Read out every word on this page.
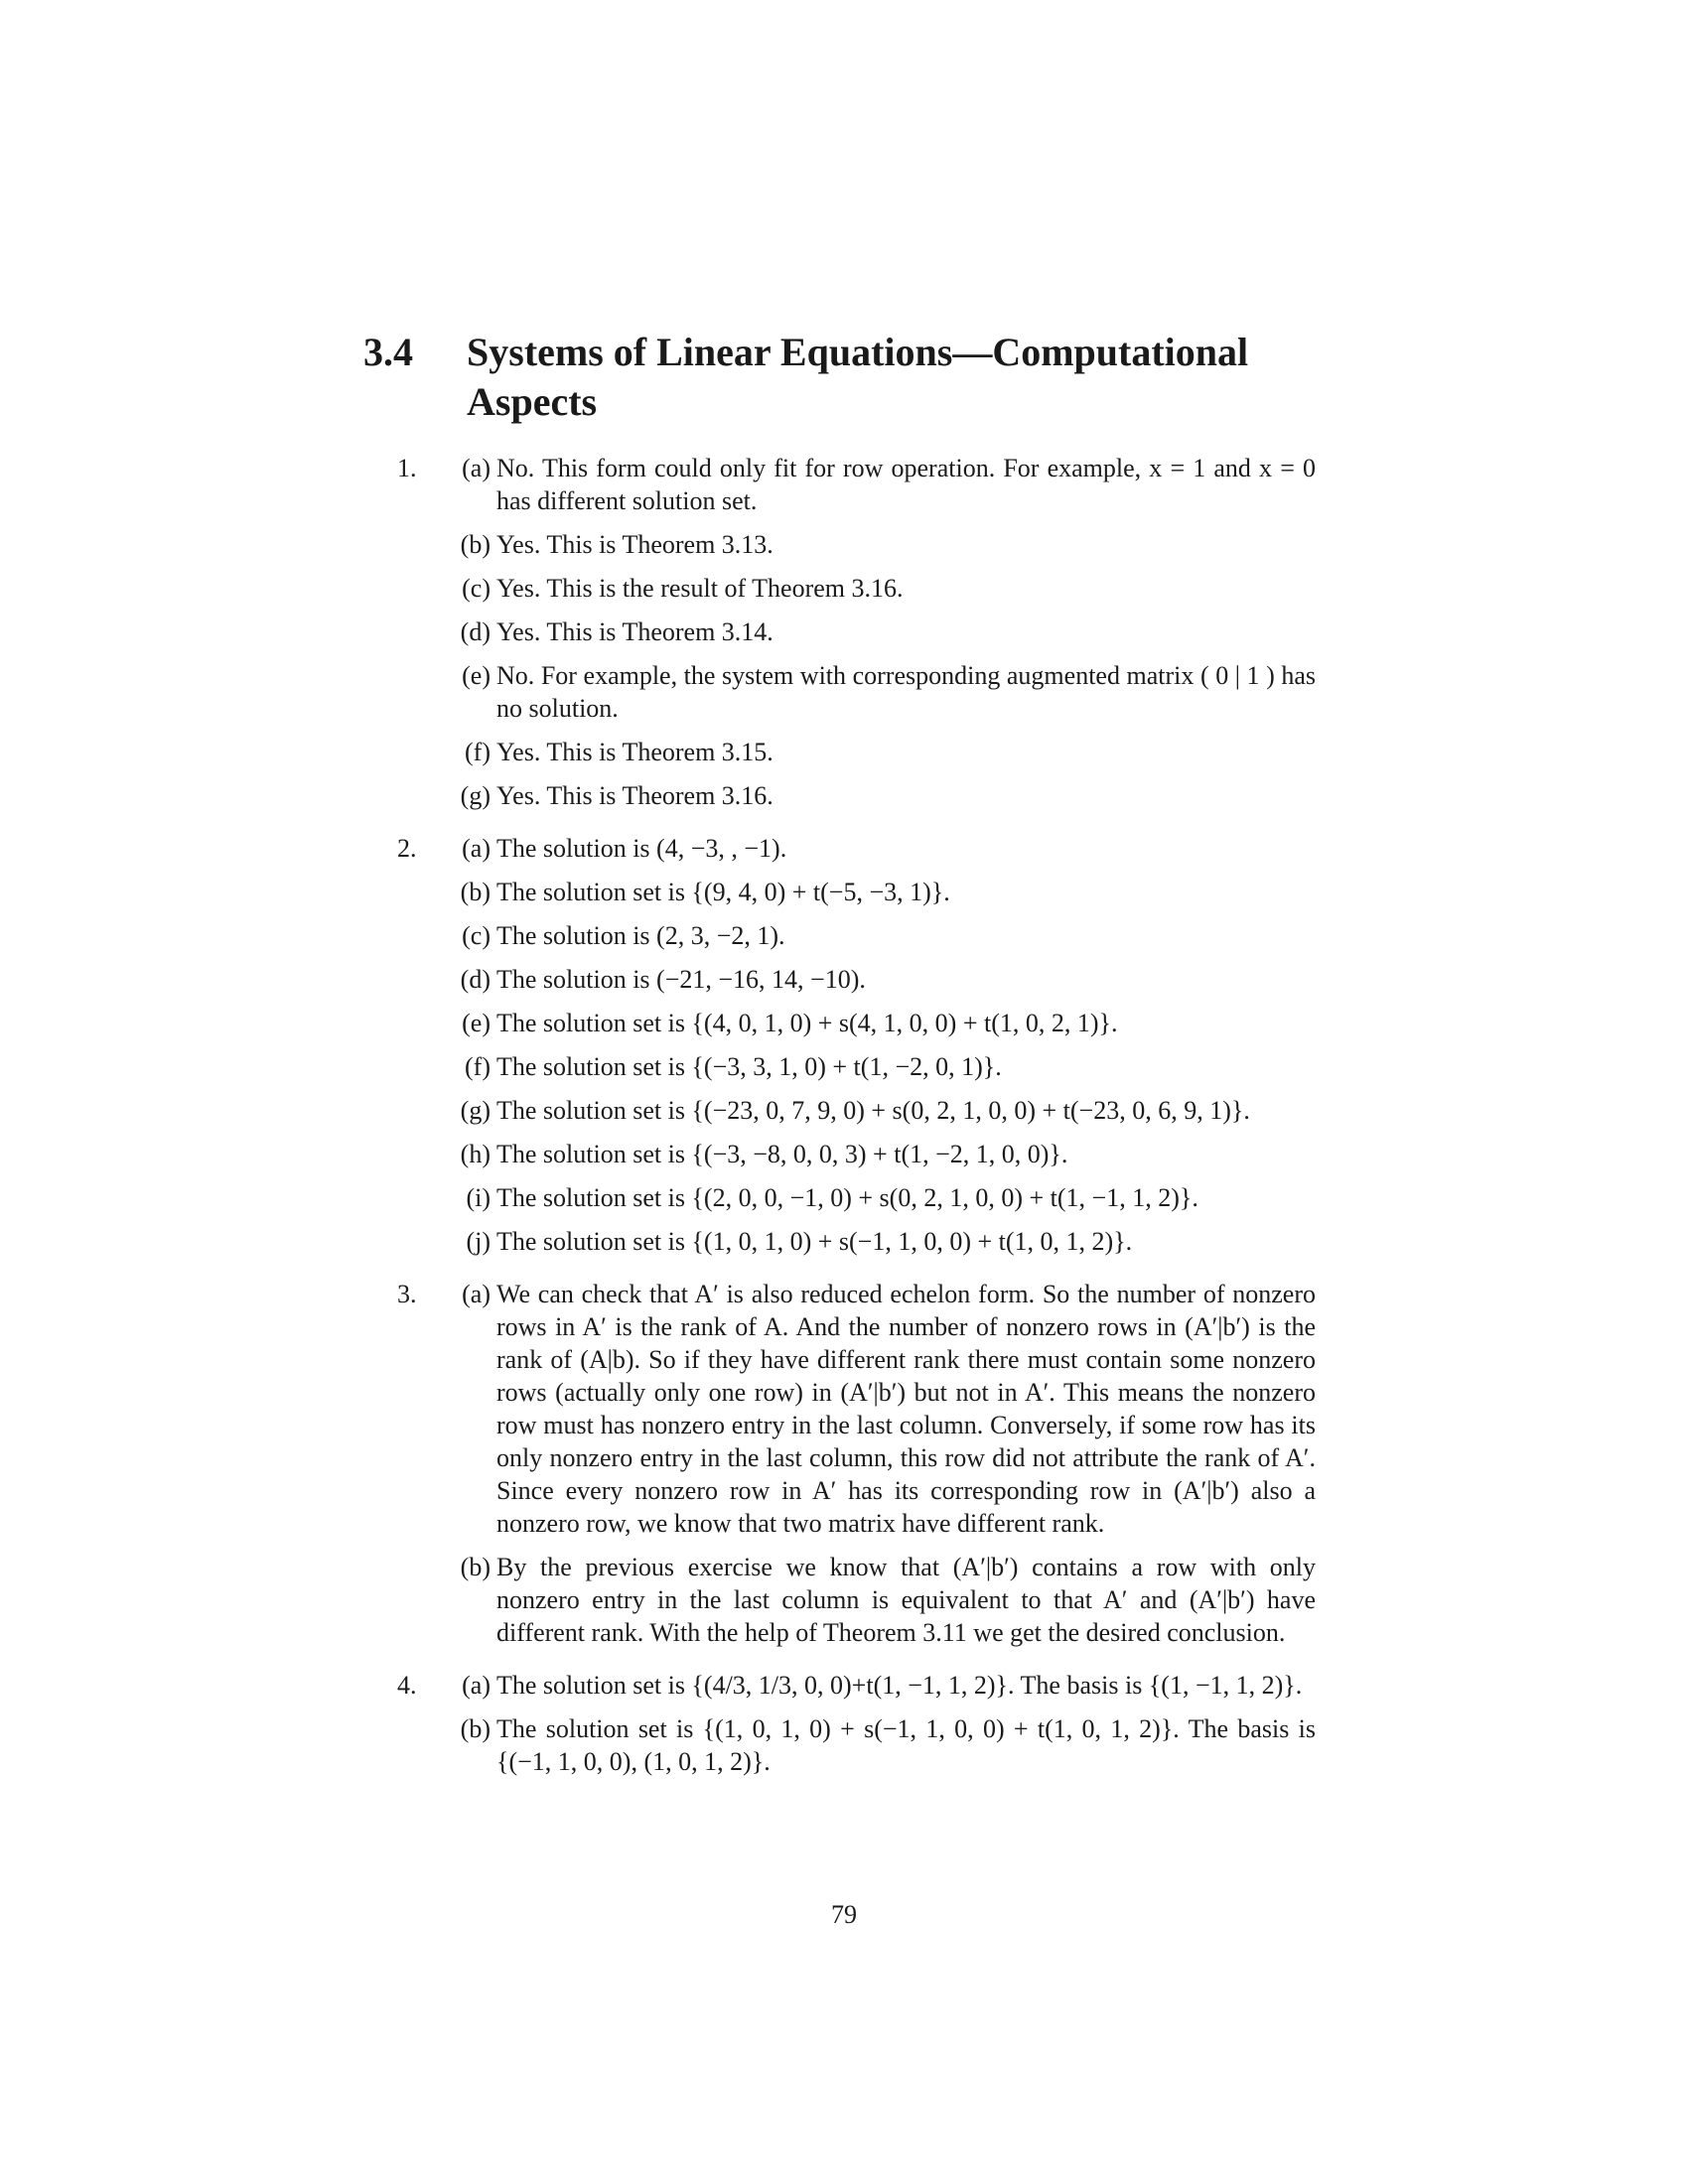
3.4 Systems of Linear Equations—Computational Aspects
1.	(a) No. This form could only fit for row operation. For example, x = 1 and x = 0 has different solution set.
(b) Yes. This is Theorem 3.13.
(c) Yes. This is the result of Theorem 3.16.
(d) Yes. This is Theorem 3.14.
(e) No. For example, the system with corresponding augmented matrix ( 0 | 1 ) has no solution.
(f) Yes. This is Theorem 3.15.
(g) Yes. This is Theorem 3.16.
2.	(a) The solution is (4, −3, , −1).
(b) The solution set is {(9, 4, 0) + t(−5, −3, 1)}.
(c) The solution is (2, 3, −2, 1).
(d) The solution is (−21, −16, 14, −10).
(e) The solution set is {(4, 0, 1, 0) + s(4, 1, 0, 0) + t(1, 0, 2, 1)}.
(f) The solution set is {(−3, 3, 1, 0) + t(1, −2, 0, 1)}.
(g) The solution set is {(−23, 0, 7, 9, 0) + s(0, 2, 1, 0, 0) + t(−23, 0, 6, 9, 1)}.
(h) The solution set is {(−3, −8, 0, 0, 3) + t(1, −2, 1, 0, 0)}.
(i) The solution set is {(2, 0, 0, −1, 0) + s(0, 2, 1, 0, 0) + t(1, −1, 1, 2)}.
(j) The solution set is {(1, 0, 1, 0) + s(−1, 1, 0, 0) + t(1, 0, 1, 2)}.
3.	(a) We can check that A′ is also reduced echelon form. So the number of nonzero rows in A′ is the rank of A. And the number of nonzero rows in (A′|b′) is the rank of (A|b). So if they have different rank there must contain some nonzero rows (actually only one row) in (A′|b′) but not in A′. This means the nonzero row must has nonzero entry in the last column. Conversely, if some row has its only nonzero entry in the last column, this row did not attribute the rank of A′. Since every nonzero row in A′ has its corresponding row in (A′|b′) also a nonzero row, we know that two matrix have different rank.
(b) By the previous exercise we know that (A′|b′) contains a row with only nonzero entry in the last column is equivalent to that A′ and (A′|b′) have different rank. With the help of Theorem 3.11 we get the desired conclusion.
4.	(a) The solution set is {(4/3, 1/3, 0, 0)+t(1, −1, 1, 2)}. The basis is {(1, −1, 1, 2)}.
(b) The solution set is {(1, 0, 1, 0) + s(−1, 1, 0, 0) + t(1, 0, 1, 2)}. The basis is {(−1, 1, 0, 0), (1, 0, 1, 2)}.
79
